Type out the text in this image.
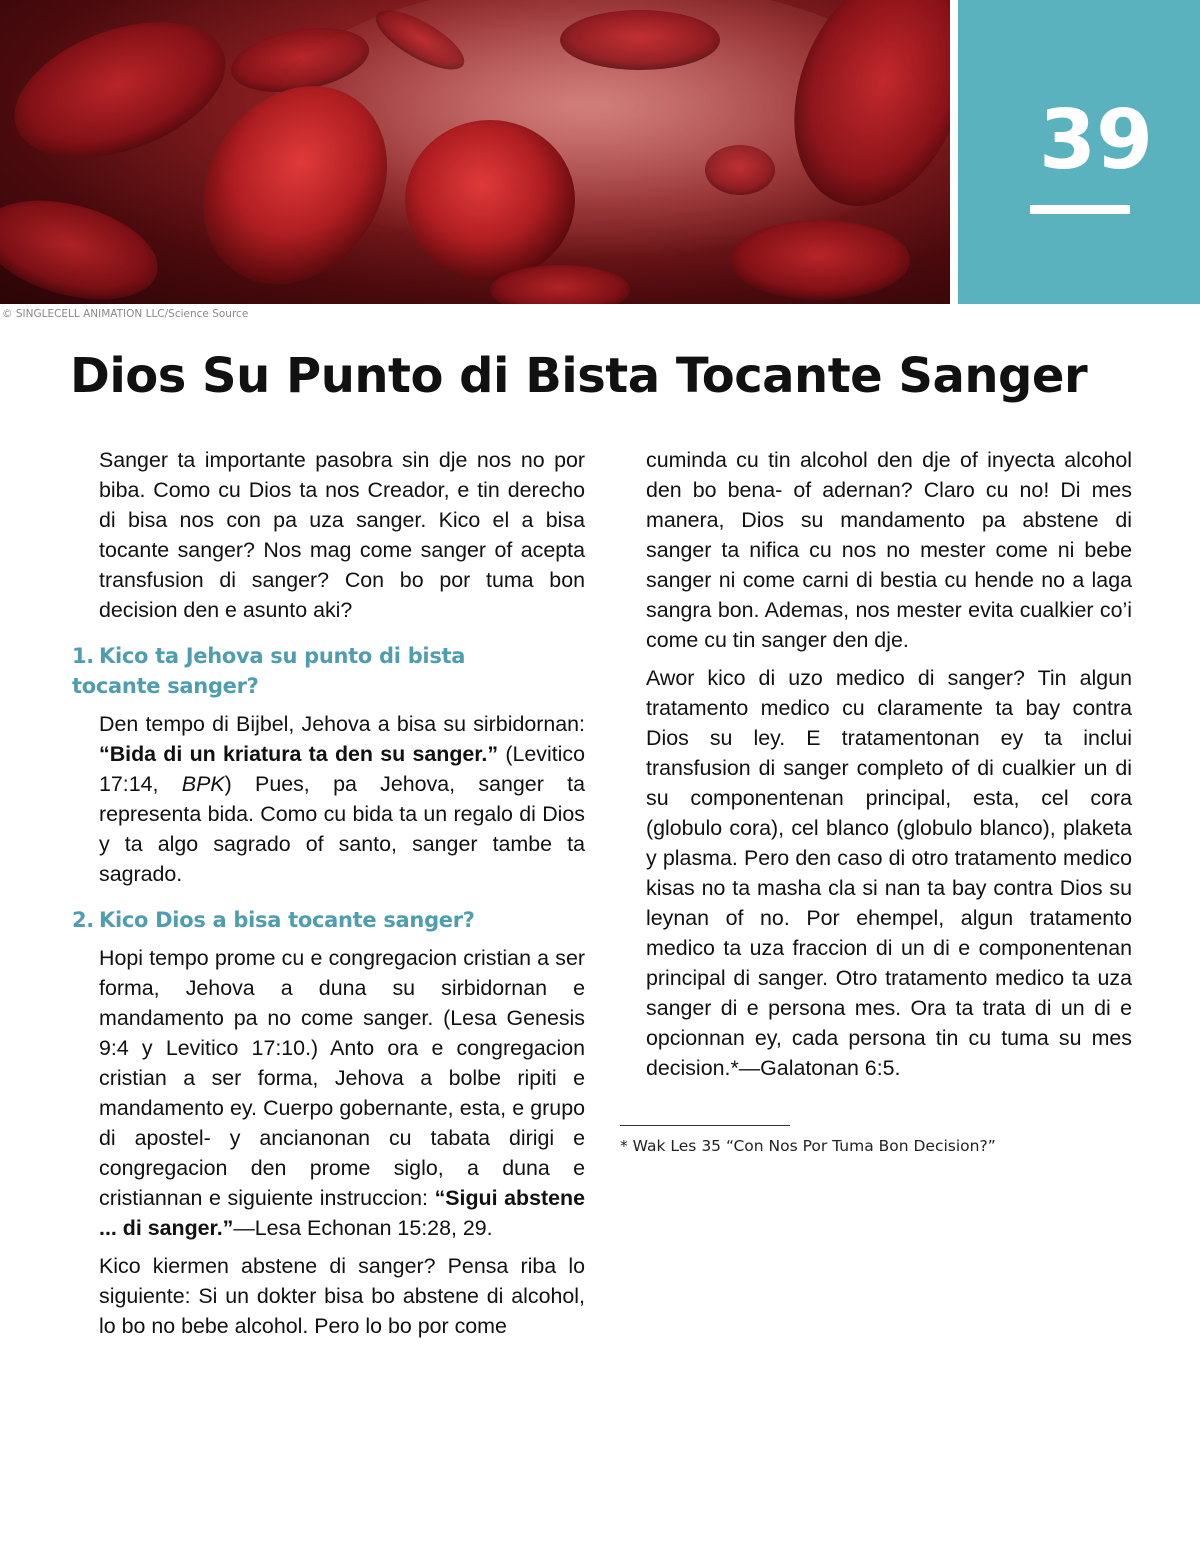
39
© SINGLECELL ANIMATION LLC/Science Source
Dios Su Punto di Bista Tocante Sanger

Sanger ta importante pasobra sin dje nos no por biba. Como cu Dios ta nos Creador, e tin derecho di bisa nos con pa uza sanger. Kico el a bisa tocante sanger? Nos mag come sanger of acepta transfusion di sanger? Con bo por tuma bon decision den e asunto aki?

1. Kico ta Jehova su punto di bista
tocante sanger?

Den tempo di Bijbel, Jehova a bisa su sirbidornan: “Bida di un kriatura ta den su sanger.” (Levitico 17:14, BPK) Pues, pa Jehova, sanger ta representa bida. Como cu bida ta un regalo di Dios y ta algo sagrado of santo, sanger tambe ta sagrado.

2. Kico Dios a bisa tocante sanger?

Hopi tempo prome cu e congregacion cristian a ser forma, Jehova a duna su sirbidornan e mandamento pa no come sanger. (Lesa Genesis 9:4 y Levitico 17:10.) Anto ora e congregacion cristian a ser forma, Jehova a bolbe ripiti e mandamento ey. Cuerpo gobernante, esta, e grupo di apostel- y ancianonan cu tabata dirigi e congregacion den prome siglo, a duna e cristiannan e siguiente instruccion: “Sigui abstene ... di sanger.”—Lesa Echonan 15:28, 29.

Kico kiermen abstene di sanger? Pensa riba lo siguiente: Si un dokter bisa bo abstene di alcohol, lo bo no bebe alcohol. Pero lo bo por come

cuminda cu tin alcohol den dje of inyecta alcohol den bo bena- of adernan? Claro cu no! Di mes manera, Dios su mandamento pa abstene di sanger ta nifica cu nos no mester come ni bebe sanger ni come carni di bestia cu hende no a laga sangra bon. Ademas, nos mester evita cualkier co’i come cu tin sanger den dje.

Awor kico di uzo medico di sanger? Tin algun tratamento medico cu claramente ta bay contra Dios su ley. E tratamentonan ey ta inclui transfusion di sanger completo of di cualkier un di su componentenan principal, esta, cel cora (globulo cora), cel blanco (globulo blanco), plaketa y plasma. Pero den caso di otro tratamento medico kisas no ta masha cla si nan ta bay contra Dios su leynan of no. Por ehempel, algun tratamento medico ta uza fraccion di un di e componentenan principal di sanger. Otro tratamento medico ta uza sanger di e persona mes. Ora ta trata di un di e opcionnan ey, cada persona tin cu tuma su mes decision.*—Galatonan 6:5.

* Wak Les 35 “Con Nos Por Tuma Bon Decision?”
